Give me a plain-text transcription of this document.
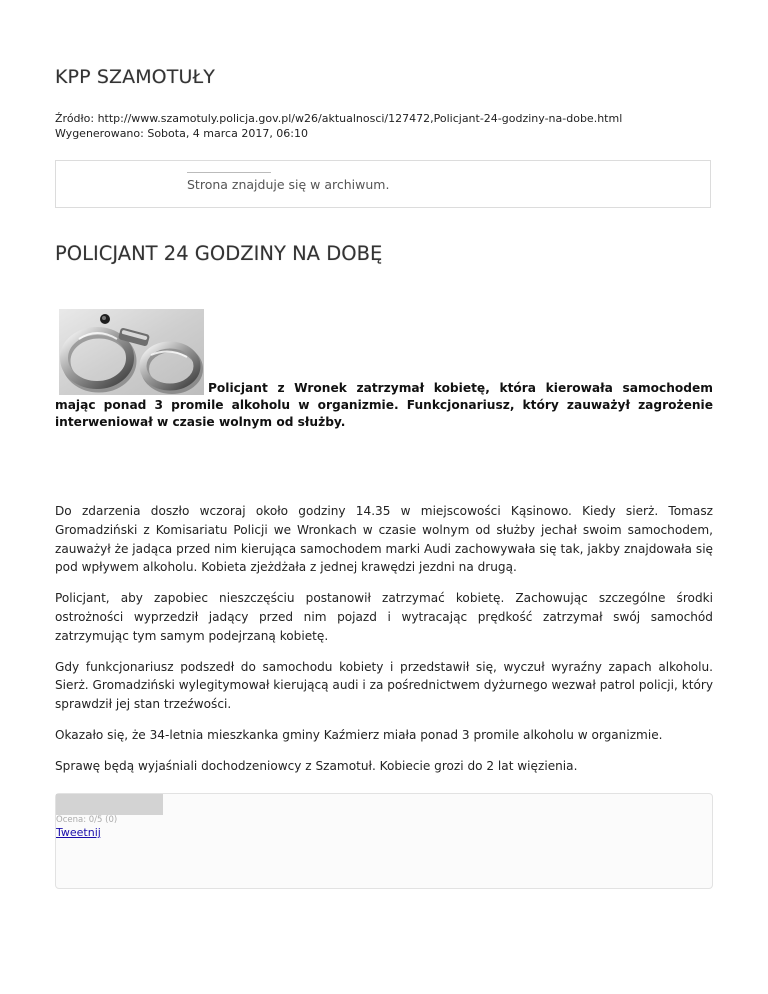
KPP SZAMOTUŁY
Źródło: http://www.szamotuly.policja.gov.pl/w26/aktualnosci/127472,Policjant-24-godziny-na-dobe.html
Wygenerowano: Sobota, 4 marca 2017, 06:10
Strona znajduje się w archiwum.
POLICJANT 24 GODZINY NA DOBĘ

Policjant z Wronek zatrzymał kobietę, która kierowała samochodem mając ponad 3 promile alkoholu w organizmie. Funkcjonariusz, który zauważył zagrożenie interweniował w czasie wolnym od służby.

Do zdarzenia doszło wczoraj około godziny 14.35 w miejscowości Kąsinowo. Kiedy sierż. Tomasz Gromadziński z Komisariatu Policji we Wronkach w czasie wolnym od służby jechał swoim samochodem, zauważył że jadąca przed nim kierująca samochodem marki Audi zachowywała się tak, jakby znajdowała się pod wpływem alkoholu. Kobieta zjeżdżała z jednej krawędzi jezdni na drugą.

Policjant, aby zapobiec nieszczęściu postanowił zatrzymać kobietę. Zachowując szczególne środki ostrożności wyprzedził jadący przed nim pojazd i wytracając prędkość zatrzymał swój samochód zatrzymując tym samym podejrzaną kobietę.

Gdy funkcjonariusz podszedł do samochodu kobiety i przedstawił się, wyczuł wyraźny zapach alkoholu. Sierż. Gromadziński wylegitymował kierującą audi i za pośrednictwem dyżurnego wezwał patrol policji, który sprawdził jej stan trzeźwości.

Okazało się, że 34-letnia mieszkanka gminy Kaźmierz miała ponad 3 promile alkoholu w organizmie.

Sprawę będą wyjaśniali dochodzeniowcy z Szamotuł. Kobiecie grozi do 2 lat więzienia.

Ocena: 0/5 (0)
Tweetnij
